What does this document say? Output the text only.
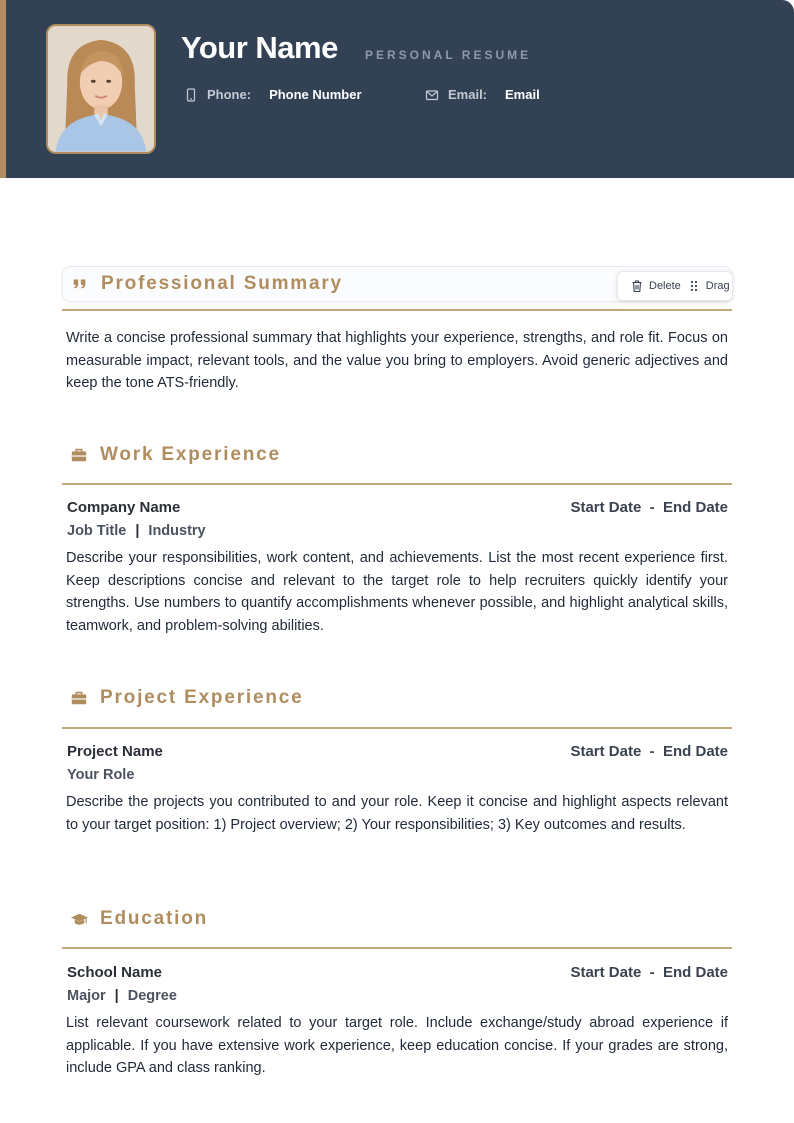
Your Name PERSONAL RESUME
Phone: Phone Number	Email: Email
Professional Summary	Delete Drag
Write a concise professional summary that highlights your experience, strengths, and role fit. Focus on measurable impact, relevant tools, and the value you bring to employers. Avoid generic adjectives and keep the tone ATS-friendly.
Work Experience
Company Name	Start Date - End Date
Job Title | Industry
Describe your responsibilities, work content, and achievements. List the most recent experience first. Keep descriptions concise and relevant to the target role to help recruiters quickly identify your strengths. Use numbers to quantify accomplishments whenever possible, and highlight analytical skills, teamwork, and problem-solving abilities.
Project Experience
Project Name	Start Date - End Date
Your Role
Describe the projects you contributed to and your role. Keep it concise and highlight aspects relevant to your target position: 1) Project overview; 2) Your responsibilities; 3) Key outcomes and results.
Education
School Name	Start Date - End Date
Major | Degree
List relevant coursework related to your target role. Include exchange/study abroad experience if applicable. If you have extensive work experience, keep education concise. If your grades are strong, include GPA and class ranking.
